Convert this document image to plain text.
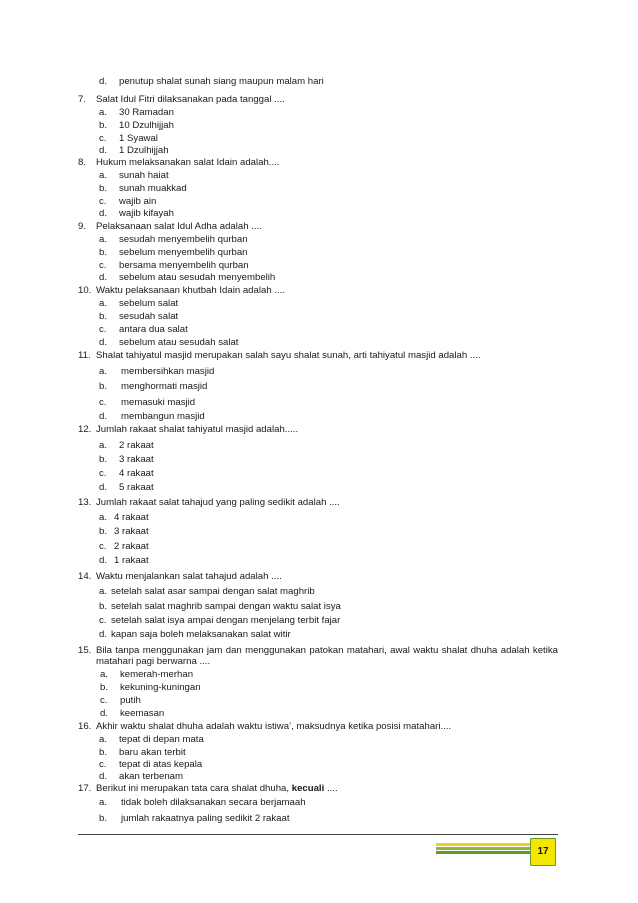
d. penutup shalat sunah siang maupun malam hari
7. Salat Idul Fitri dilaksanakan pada tanggal ....
a. 30 Ramadan
b. 10 Dzulhijjah
c. 1 Syawal
d. 1 Dzulhijjah
8. Hukum melaksanakan salat Idain adalah....
a. sunah haiat
b. sunah muakkad
c. wajib ain
d. wajib kifayah
9. Pelaksanaan salat Idul Adha adalah ....
a. sesudah menyembelih qurban
b. sebelum menyembelih qurban
c. bersama menyembelih qurban
d. sebelum atau sesudah menyembelih
10. Waktu pelaksanaan khutbah Idain adalah ....
a. sebelum salat
b. sesudah salat
c. antara dua salat
d. sebelum atau sesudah salat
11. Shalat tahiyatul masjid merupakan salah sayu shalat sunah, arti tahiyatul masjid adalah ....
a. membersihkan masjid
b. menghormati masjid
c. memasuki masjid
d. membangun masjid
12. Jumlah rakaat shalat tahiyatul masjid adalah.....
a. 2 rakaat
b. 3 rakaat
c. 4 rakaat
d. 5 rakaat
13. Jumlah rakaat salat tahajud yang paling sedikit adalah ....
a. 4 rakaat
b. 3 rakaat
c. 2 rakaat
d. 1 rakaat
14. Waktu menjalankan salat tahajud adalah ....
a. setelah salat asar sampai dengan salat maghrib
b. setelah salat maghrib sampai dengan waktu salat isya
c. setelah salat isya ampai dengan menjelang terbit fajar
d. kapan saja boleh melaksanakan salat witir
15. Bila tanpa menggunakan jam dan menggunakan patokan matahari, awal waktu shalat dhuha adalah ketika matahari pagi berwarna ....
a. kemerah-merhan
b. kekuning-kuningan
c. putih
d. keemasan
16. Akhir waktu shalat dhuha adalah waktu istiwa’, maksudnya ketika posisi matahari....
a. tepat di depan mata
b. baru akan terbit
c. tepat di atas kepala
d. akan terbenam
17. Berikut ini merupakan tata cara shalat dhuha, kecuali ....
a. tidak boleh dilaksanakan secara berjamaah
b. jumlah rakaatnya paling sedikit 2 rakaat
17
